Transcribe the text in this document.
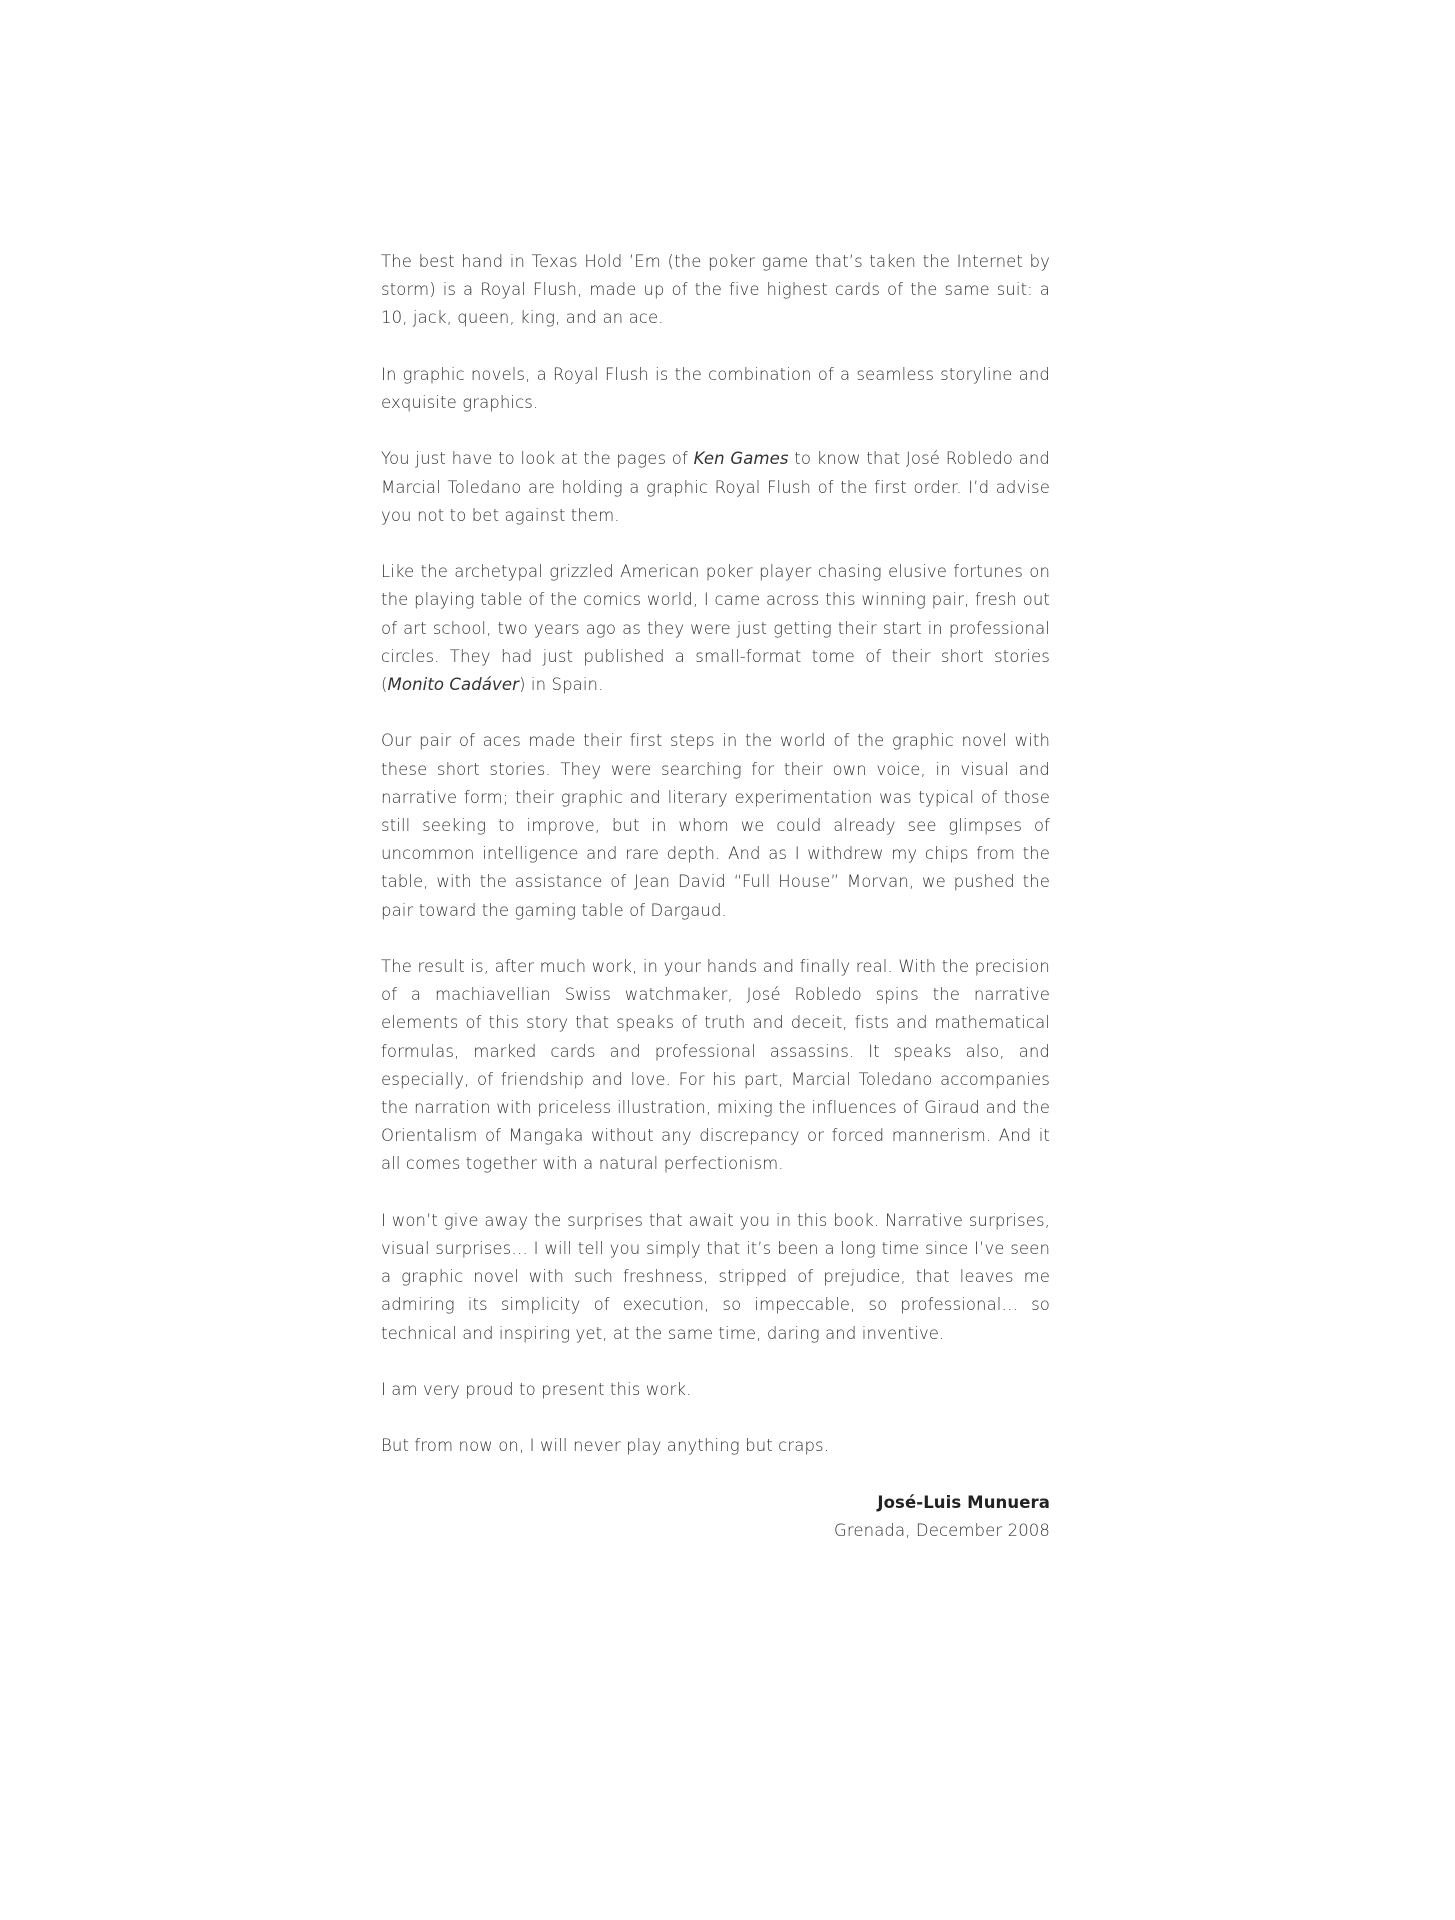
The best hand in Texas Hold ’Em (the poker game that’s taken the Internet by storm) is a Royal Flush, made up of the five highest cards of the same suit: a 10, jack, queen, king, and an ace.

In graphic novels, a Royal Flush is the combination of a seamless storyline and exquisite graphics.

You just have to look at the pages of Ken Games to know that José Robledo and Marcial Toledano are holding a graphic Royal Flush of the first order. I’d advise you not to bet against them.

Like the archetypal grizzled American poker player chasing elusive fortunes on the playing table of the comics world, I came across this winning pair, fresh out of art school, two years ago as they were just getting their start in professional circles. They had just published a small-format tome of their short stories (Monito Cadáver) in Spain.

Our pair of aces made their first steps in the world of the graphic novel with these short stories. They were searching for their own voice, in visual and narrative form; their graphic and literary experimentation was typical of those still seeking to improve, but in whom we could already see glimpses of uncommon intelligence and rare depth. And as I withdrew my chips from the table, with the assistance of Jean David “Full House” Morvan, we pushed the pair toward the gaming table of Dargaud.

The result is, after much work, in your hands and finally real. With the precision of a machiavellian Swiss watchmaker, José Robledo spins the narrative elements of this story that speaks of truth and deceit, fists and mathematical formulas, marked cards and professional assassins. It speaks also, and especially, of friendship and love. For his part, Marcial Toledano accompanies the narration with priceless illustration, mixing the influences of Giraud and the Orientalism of Mangaka without any discrepancy or forced mannerism. And it all comes together with a natural perfectionism.

I won’t give away the surprises that await you in this book. Narrative surprises, visual surprises… I will tell you simply that it’s been a long time since I’ve seen a graphic novel with such freshness, stripped of prejudice, that leaves me admiring its simplicity of execution, so impeccable, so professional… so technical and inspiring yet, at the same time, daring and inventive.

I am very proud to present this work.

But from now on, I will never play anything but craps.

José-Luis Munuera
Grenada, December 2008
